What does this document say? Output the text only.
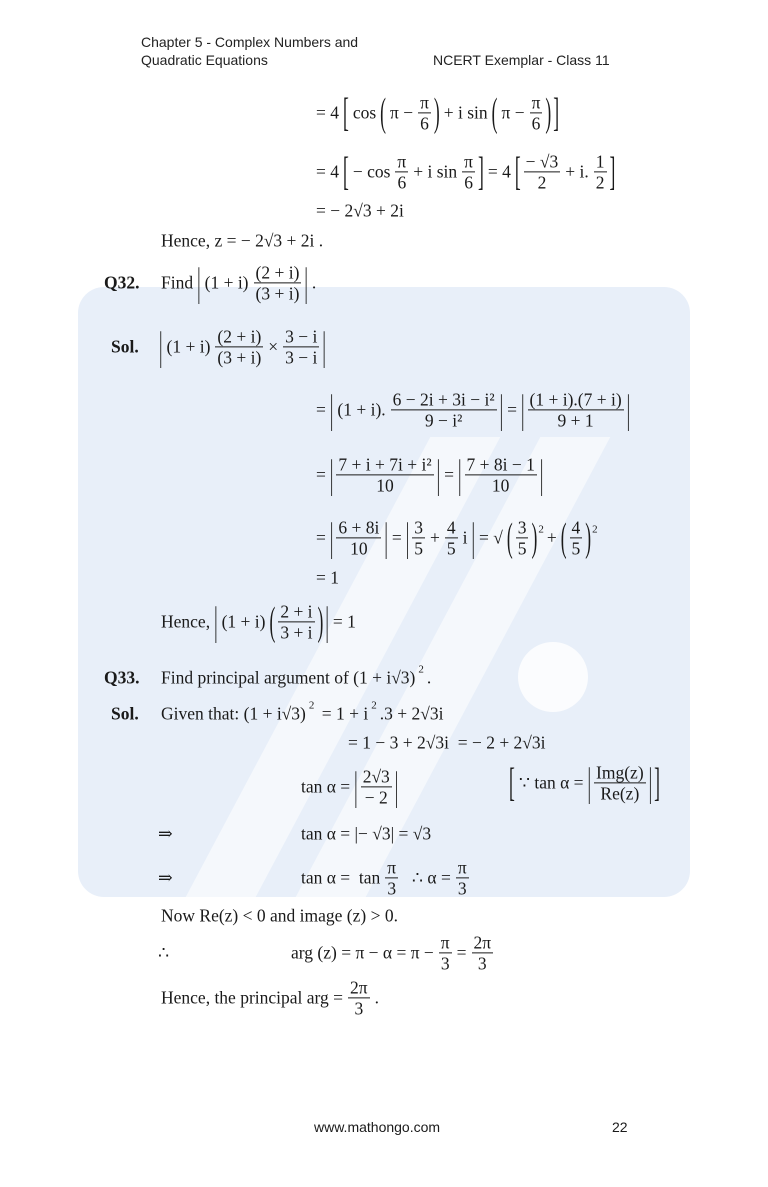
Chapter 5 - Complex Numbers and
Quadratic Equations	NCERT Exemplar - Class 11
= 4 [ cos ( $\pi - \frac{\pi}{6}$ ) + i sin ( $\pi - \frac{\pi}{6}$ ) ]
= 4 [ − $\cos \frac{\pi}{6} + i$ $\sin \frac{\pi}{6}$ ] = 4 [ $\frac{- √3}{2} + i$. $\frac{1}{2}$ ]
= − 2√3 + 2i
Hence, z = − 2√3 + 2i .
Q32. Find | $(1 + i) \frac{(2 + i)}{(3 + i)}$ | .
Sol. | $(1 + i) \frac{(2 + i)}{(3 + i)} \times \frac{3 - i}{3 - i}$ |
= | (1 + i). $\frac{\text{6 − 2i + 3i − i²}}{\text{9 − i²}}$ | = | $\frac{(1 + i).(7 + i)}{9 + 1}$ |
= | $\frac{\text{7 + i + 7i + i²}}{10}$ | = | $\frac{7 + 8i - 1}{10}$ |
= | $\frac{6 + 8i}{10}$ | = | $\frac{3}{5} + \frac{4}{5}$ i | = √ ( $\frac{3}{5}$ ) 2 + ( $\frac{4}{5}$ ) 2
= 1
Hence, | (1 + i) ( $\frac{2 + i}{3 + i}$ ) | = 1
Q33. Find principal argument of (1 + i√3) 2 .
Sol. Given that: (1 + i√3) 2 = 1 + i 2 .3 + 2√3i
= 1 − 3 + 2√3i  = − 2 + 2√3i
tan α = | $\frac{2√3}{- 2}$ |	[ ∵ tan α = | $\frac{\text{Img(z)}}{Re(z)}$ | ]
⇒	tan α = |− √3| = √3
⇒	$\tan \alpha = \tan \frac{\pi}{3}$ ∴ $\alpha = \frac{\pi}{3}$
Now Re(z) < 0 and image (z) > 0.
∴	arg $(z) = \pi - \alpha = \pi - \frac{\pi}{3} = \frac{2\pi}{3}$
Hence, the principal arg = $\frac{2\pi}{3}$ .
www.mathongo.com	22
